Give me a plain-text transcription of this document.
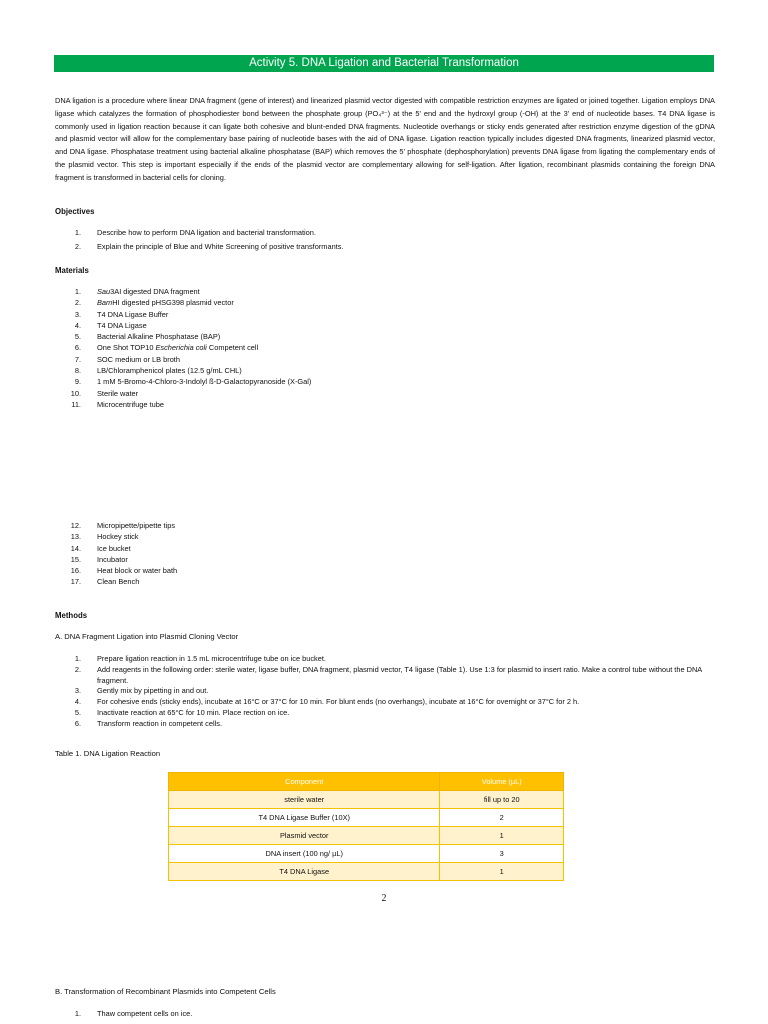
Activity 5. DNA Ligation and Bacterial Transformation
DNA ligation is a procedure where linear DNA fragment (gene of interest) and linearized plasmid vector digested with compatible restriction enzymes are ligated or joined together. Ligation employs DNA ligase which catalyzes the formation of phosphodiester bond between the phosphate group (PO₄³⁻) at the 5' end and the hydroxyl group (-OH) at the 3' end of nucleotide bases. T4 DNA ligase is commonly used in ligation reaction because it can ligate both cohesive and blunt-ended DNA fragments. Nucleotide overhangs or sticky ends generated after restriction enzyme digestion of the gDNA and plasmid vector will allow for the complementary base pairing of nucleotide bases with the aid of DNA ligase. Ligation reaction typically includes digested DNA fragments, linearized plasmid vector, and DNA ligase. Phosphatase treatment using bacterial alkaline phosphatase (BAP) which removes the 5' phosphate (dephosphorylation) prevents DNA ligase from ligating the complementary ends of the plasmid vector. This step is important especially if the ends of the plasmid vector are complementary allowing for self-ligation. After ligation, recombinant plasmids containing the foreign DNA fragment is transformed in bacterial cells for cloning.
Objectives
1. Describe how to perform DNA ligation and bacterial transformation.
2. Explain the principle of Blue and White Screening of positive transformants.
Materials
1. Sau3AI digested DNA fragment
2. BamHI digested pHSG398 plasmid vector
3. T4 DNA Ligase Buffer
4. T4 DNA Ligase
5. Bacterial Alkaline Phosphatase (BAP)
6. One Shot TOP10 Escherichia coli Competent cell
7. SOC medium or LB broth
8. LB/Chloramphenicol plates (12.5 g/mL CHL)
9. 1 mM 5-Bromo-4-Chloro-3-Indolyl ß-D-Galactopyranoside (X-Gal)
10. Sterile water
11. Microcentrifuge tube
12. Micropipette/pipette tips
13. Hockey stick
14. Ice bucket
15. Incubator
16. Heat block or water bath
17. Clean Bench
Methods
A. DNA Fragment Ligation into Plasmid Cloning Vector
1. Prepare ligation reaction in 1.5 mL microcentrifuge tube on ice bucket.
2. Add reagents in the following order: sterile water, ligase buffer, DNA fragment, plasmid vector, T4 ligase (Table 1). Use 1:3 for plasmid to insert ratio. Make a control tube without the DNA fragment.
3. Gently mix by pipetting in and out.
4. For cohesive ends (sticky ends), incubate at 16°C or 37°C for 10 min. For blunt ends (no overhangs), incubate at 16°C for overnight or 37°C for 2 h.
5. Inactivate reaction at 65°C for 10 min. Place rection on ice.
6. Transform reaction in competent cells.
Table 1. DNA Ligation Reaction
Component	Volume (µL)
sterile water	fill up to 20
T4 DNA Ligase Buffer (10X)	2
Plasmid vector	1
DNA insert (100 ng/ µL)	3
T4 DNA Ligase	1
2
B. Transformation of Recombinant Plasmids into Competent Cells
1. Thaw competent cells on ice.
